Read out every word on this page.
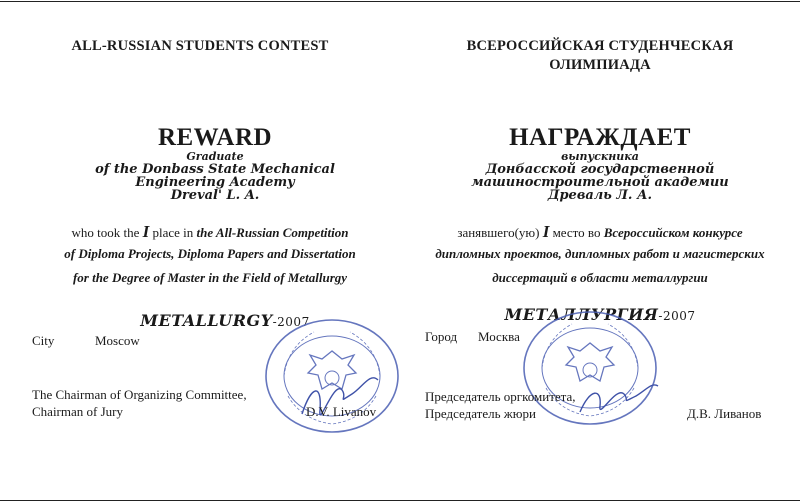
ALL-RUSSIAN STUDENTS CONTEST
REWARD
Graduate
of the Donbass State Mechanical
Engineering Academy
Dreval' L. A.
who took the I place in the All-Russian Competition
of Diploma Projects, Diploma Papers and Dissertation
for the Degree of Master in the Field of Metallurgy
METALLURGY-2007
City	Moscow
The Chairman of Organizing Committee,
Chairman of Jury	D.V. Livanov
ВСЕРОССИЙСКАЯ СТУДЕНЧЕСКАЯ
ОЛИМПИАДА
НАГРАЖДАЕТ
выпускника
Донбасской государственной
машиностроительной академии
Древаль Л. А.
занявшего(ую) I место во Всероссийском конкурсе
дипломных проектов, дипломных работ и магистерских
диссертаций в области металлургии
МЕТАЛЛУРГИЯ-2007
Город Москва
Председатель оргкомитета,
Председатель жюри	Д.В. Ливанов
